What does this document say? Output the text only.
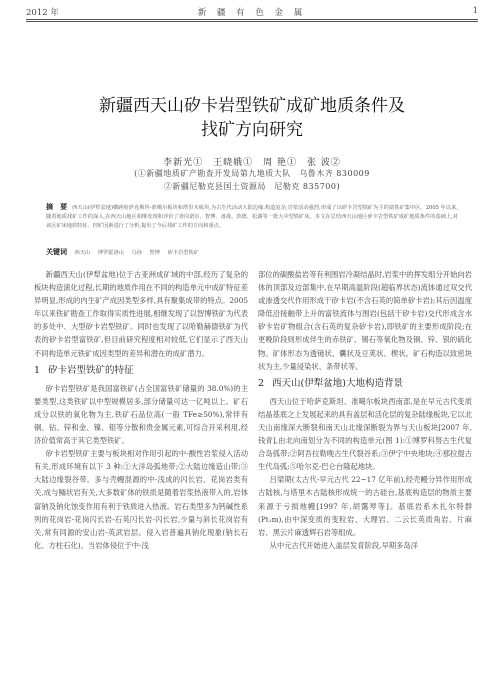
2012 年	新 疆 有 色 金 属	1
新疆西天山矽卡岩型铁矿成矿地质条件及
找矿方向研究
李新光①　王晓娥①　周 艳①　张 波②
(①新疆地质矿产勘查开发局第九地质大队　乌鲁木齐 830009
②新疆尼勒克县国土资源局　尼勒克 835700)
摘　要 西天山(伊犁盆地)横跨哈萨克斯坦-准噶尔板块和塔里木板块,为古生代活动大陆边缘,构造复杂,岩浆活动强烈,形成了以矽卡岩型铁矿为主的富铁矿集中区。2005 年以来,随着地质找矿工作的深入,在西天山地区相继发现和评价了查岗诺尔、智博、备战、敦德、松湖等一批大中型铁矿床。本文在总结西天山地区矽卡岩型铁矿成矿地质条件的基础上,对该区矿床地质特征、控矿因素进行了分析,提出了今后找矿工作的方向和重点。
关键词 西天山 博罗霍洛山 乌孙 智博 矽卡岩型铁矿

新疆西天山(伊犁盆地)位于古亚洲成矿域的中部,经历了复杂的板块构造演化过程,长期的地质作用在不同的构造单元中成矿特征差异明显,形成的内生矿产成因类型多样,具有聚集成带的特点。2005 年以来铁矿勘查工作取得实质性进展,相继发现了以智博铁矿为代表的多处中、大型矽卡岩型铁矿。同时也发现了以哈勒赫德铁矿为代表的矽卡岩型富铁矿,但目前研究程度相对较低,它们显示了西天山不同构造单元铁矿成因类型的差异和潜在的成矿潜力。

1 矽卡岩型铁矿的特征

矽卡岩型铁矿是我国富铁矿(占全国富铁矿储量的 38.0%)的主要类型,这类铁矿以中型规模居多,部分储量可达一亿吨以上。矿石成分以铁的氧化物为主,铁矿石品位高(一般 TFe≥50%),常伴有铜、钴、锌和金、镍、钼等分散和贵金属元素,可综合开采利用,经济价值常高于其它类型铁矿。

矽卡岩型铁矿主要与板块相对作用引起的中-酸性岩浆侵入活动有关,形成环境有以下 3 种:①大洋岛弧地带;②大陆边缘造山带;③大陆边缘裂谷带。多与壳幔混源的中-浅成的闪长岩、花岗岩类有关,成与鲕状岩有关,大多数矿体的铁质是随着岩浆热液带入的,岩体富钠及钠化蚀变作用有利于铁质进入热液。岩石类型多为钙碱性系列的花岗岩-花岗闪长岩-石英闪长岩-闪长岩,少量与斜长花岗岩有关,常有同源的安山岩-英武岩层。侵入岩普遍具钠化现象(钠长石化、方柱石化)。当岩体侵位于中-浅

部位的碳酸盐岩等有利围岩冷凝结晶时,岩浆中的挥发组分开始向岩体的顶部及边部集中,在早期高温阶段(超临界状态)流体通过双交代或渗透交代作用形成干矽卡岩(不含石英的简单矽卡岩);其后因温度降低沿接触带上升的富铁流体与围岩(包括干矽卡岩)交代形成含水矽卡岩矿物组合(含石英的复杂矽卡岩),即铁矿的主要形成阶段;在更晚阶段则形成伴生的赤铁矿、锡石等氧化物及铜、锌、银的硫化物。矿体形态为透镜状、囊状及豆荚状、楔状。矿石构造以致密块状为主,少量浸染状、条带状等。

2 西天山(伊犁盆地)大地构造背景

西天山位于哈萨克斯坦、准噶尔板块西南部,是在早元古代变质结晶基底之上发展起来的具有盖层和活化层的复杂陆缘板块,它以北天山南缘深大断裂和南天山北缘深断裂为界与天山板块[2007 年,钱青],由北向南划分为不同的构造单元(图 1):①博罗科努古生代复合岛弧带;②阿吾拉勒晚古生代裂谷系;③伊宁中央地块;④那拉提古生代岛弧;⑤哈尔克-巴仑台隆起地块。

吕梁期(太古代-早元古代 22~17 亿年前),经壳幔分异作用形成古陆核,与塔里木古陆核形成统一的古硅台,基底构造层的物质主要来源于亏损地幔[1997 年,胡霭琴等]。基底岩系木扎尔特群(Pt₁m),由中深变质的变粒岩、大理岩、二云长英质角岩、片麻岩、黑云片麻透辉石岩等组成。

从中元古代开始进入盖层发育阶段,早期多岛洋
